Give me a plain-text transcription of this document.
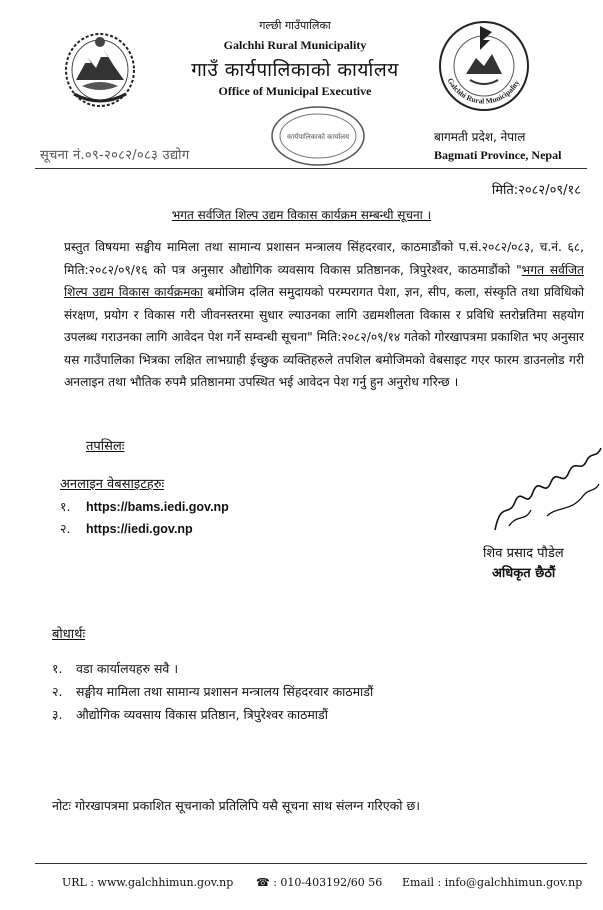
गल्छी गाउँपालिका
Galchhi Rural Municipality
गाउँ कार्यपालिकाको कार्यालय
Office of Municipal Executive
Galchhi Rural Municipality
कार्यपालिकाको कार्यालय
सूचना नं.०९-२०८२/०८३ उद्योग
बागमती प्रदेश, नेपाल
Bagmati Province, Nepal
मिति:२०८२/०९/१८
भगत सर्वजित शिल्प उद्यम विकास कार्यक्रम सम्बन्धी सूचना ।
प्रस्तुत विषयमा सङ्घीय मामिला तथा सामान्य प्रशासन मन्त्रालय सिंहदरवार, काठमाडौंको प.सं.२०८२/०८३, च.नं. ६८, मिति:२०८२/०९/१६ को पत्र अनुसार औद्योगिक व्यवसाय विकास प्रतिष्ठानक, त्रिपुरेश्वर, काठमाडौंको "भगत सर्वजित शिल्प उद्यम विकास कार्यक्रमका बमोजिम दलित समुदायको परम्परागत पेशा, ज्ञन, सीप, कला, संस्कृति तथा प्रविधिको संरक्षण, प्रयोग र विकास गरी जीवनस्तरमा सुधार ल्याउनका लागि उद्यमशीलता विकास र प्रविधि स्तरोन्नतिमा सहयोग उपलब्ध गराउनका लागि आवेदन पेश गर्ने सम्वन्धी सूचना" मिति:२०८२/०९/१४ गतेको गोरखापत्रमा प्रकाशित भए अनुसार यस गाउँपालिका भित्रका लक्षित लाभग्राही ईच्छुक व्यक्तिहरुले तपशिल बमोजिमको वेबसाइट गएर फारम डाउनलोड गरी अनलाइन तथा भौतिक रुपमै प्रतिष्ठानमा उपस्थित भई आवेदन पेश गर्नु हुन अनुरोध गरिन्छ ।
तपसिलः
अनलाइन वेबसाइटहरुः
१. https://bams.iedi.gov.np
२. https://iedi.gov.np
शिव प्रसाद पौडेल
अधिकृत छैठौं
बोधार्थः
१. वडा कार्यालयहरु सवै ।
२. सङ्घीय मामिला तथा सामान्य प्रशासन मन्त्रालय सिंहदरवार काठमाडौं
३. औद्योगिक व्यवसाय विकास प्रतिष्ठान, त्रिपुरेश्वर काठमाडौं
नोटः गोरखापत्रमा प्रकाशित सूचनाको प्रतिलिपि यसै सूचना साथ संलग्न गरिएको छ।
URL : www.galchhimun.gov.np ☎ : 010-403192/60 56 Email : info@galchhimun.gov.np
